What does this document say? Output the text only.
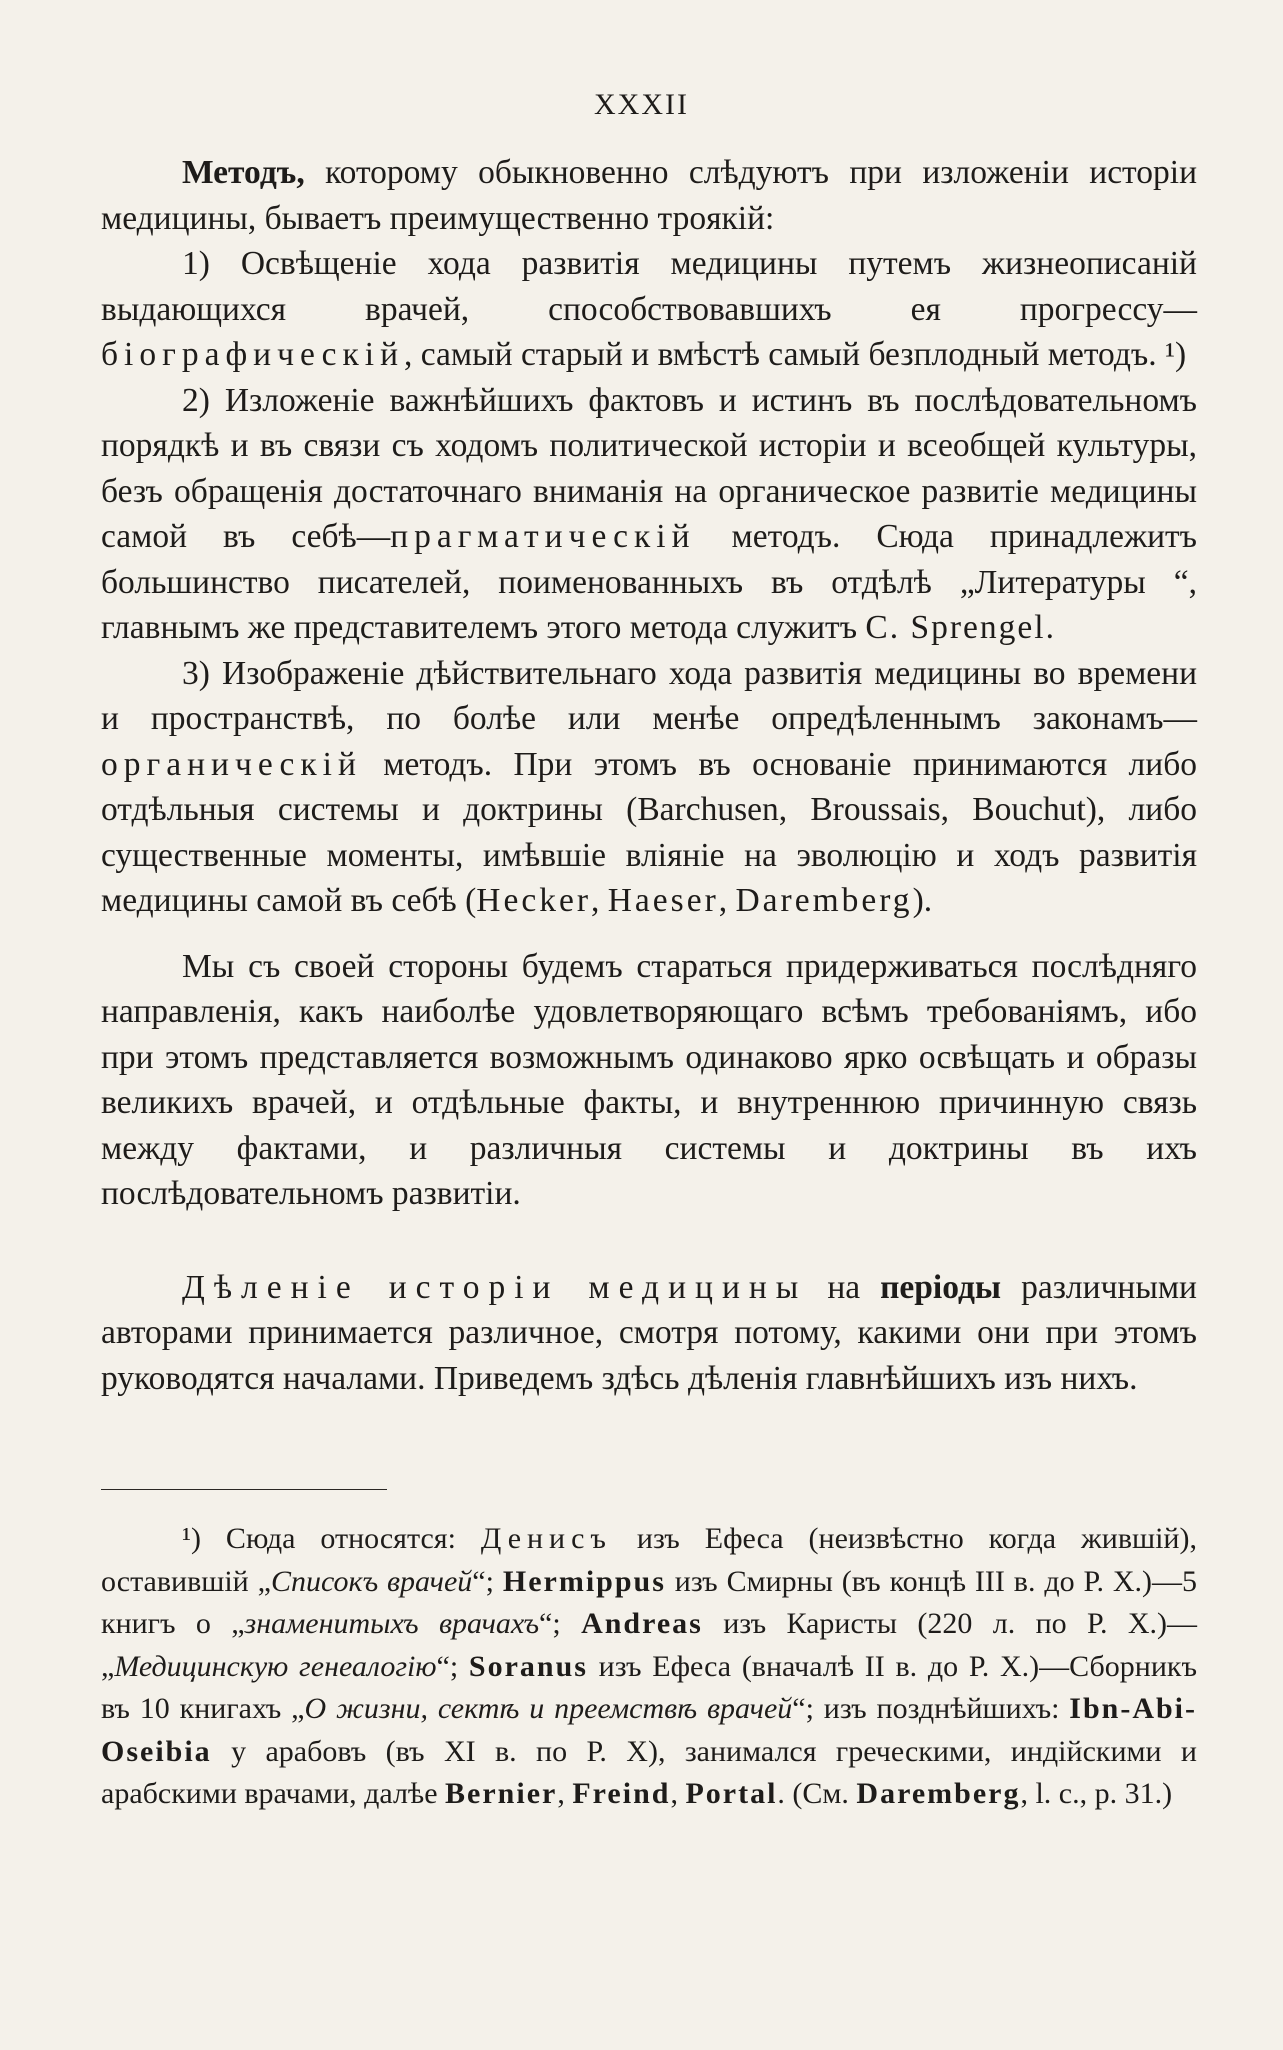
XXXII

Методъ, которому обыкновенно слѣдуютъ при изложеніи исторіи медицины, бываетъ преимущественно трoякій:

1) Освѣщеніе хода развитія медицины путемъ жизнеописаній выдающихся врачей, способствовавшихъ ея прогрессу—біографическій, самый старый и вмѣстѣ самый безплодный методъ. ¹)

2) Изложеніе важнѣйшихъ фактовъ и истинъ въ послѣдовательномъ порядкѣ и въ связи съ ходомъ политической исторіи и всеобщей культуры, безъ обращенія достаточнаго вниманія на органическое развитіе медицины самой въ себѣ—прагматическій методъ. Сюда принадлежитъ большинство писателей, поименованныхъ въ отдѣлѣ „Литературы “, главнымъ же представителемъ этого метода служитъ C. Sprengel.

3) Изображеніе дѣйствительнаго хода развитія медицины во времени и пространствѣ, по болѣе или менѣе опредѣленнымъ законамъ—органическій методъ. При этомъ въ основаніе принимаются либо отдѣльныя системы и доктрины (Barchusen, Broussais, Bouchut), либо существенные моменты, имѣвшіе вліяніе на эволюцію и ходъ развитія медицины самой въ себѣ (Hecker, Haeser, Daremberg).

Мы съ своей стороны будемъ стараться придерживаться послѣдняго направленія, какъ наиболѣе удовлетворяющаго всѣмъ требованіямъ, ибо при этомъ представляется возможнымъ одинаково ярко освѣщать и образы великихъ врачей, и отдѣльные факты, и внутреннюю причинную связь между фактами, и различныя системы и доктрины въ ихъ послѣдовательномъ развитіи.

Дѣленіе исторіи медицины на періоды различными авторами принимается различное, смотря потому, какими они при этомъ руководятся началами. Приведемъ здѣсь дѣленія главнѣйшихъ изъ нихъ.

¹) Сюда относятся: Денисъ изъ Ефеса (неизвѣстно когда жившій), оставившій „Списокъ врачей“; Hermippus изъ Смирны (въ концѣ III в. до Р. Х.)—5 книгъ о „знаменитыхъ врачахъ“; Andreas изъ Каристы (220 л. по Р. Х.)—„Медицинскую генеалогію“; Soranus изъ Ефеса (вначалѣ II в. до Р. Х.)—Сборникъ въ 10 книгахъ „О жизни, сектѣ и преемствѣ врачей“; изъ позднѣйшихъ: Ibn-Abi-Oseibia у арабовъ (въ XI в. по Р. Х), занимался греческими, индійскими и арабскими врачами, далѣе Bernier, Freind, Portal. (См. Daremberg, l. c., p. 31.)
